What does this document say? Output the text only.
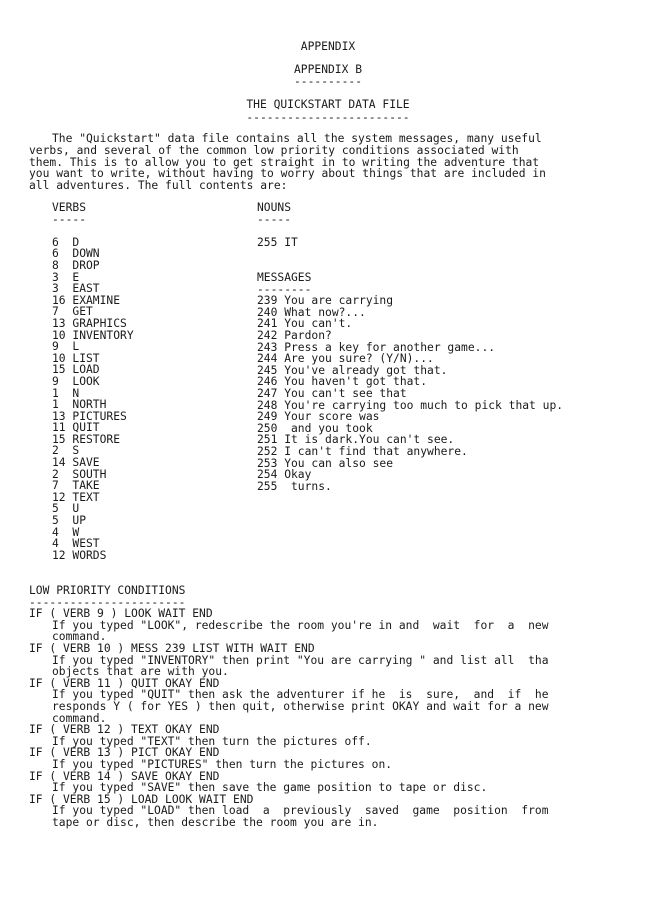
APPENDIX
APPENDIX B
----------
THE QUICKSTART DATA FILE
------------------------
The "Quickstart" data file contains all the system messages, many useful
verbs, and several of the common low priority conditions associated with
them. This is to allow you to get straight in to writing the adventure that
you want to write, without having to worry about things that are included in
all adventures. The full contents are:
VERBS
-----
6  D
6  DOWN
8  DROP
3  E
3  EAST
16 EXAMINE
7  GET
13 GRAPHICS
10 INVENTORY
9  L
10 LIST
15 LOAD
9  LOOK
1  N
1  NORTH
13 PICTURES
11 QUIT
15 RESTORE
2  S
14 SAVE
2  SOUTH
7  TAKE
12 TEXT
5  U
5  UP
4  W
4  WEST
12 WORDS
NOUNS
-----
255 IT
MESSAGES
--------
239 You are carrying
240 What now?...
241 You can't.
242 Pardon?
243 Press a key for another game...
244 Are you sure? (Y/N)...
245 You've already got that.
246 You haven't got that.
247 You can't see that
248 You're carrying too much to pick that up.
249 Your score was
250  and you took
251 It is dark.You can't see.
252 I can't find that anywhere.
253 You can also see
254 Okay
255  turns.
LOW PRIORITY CONDITIONS
-----------------------
IF ( VERB 9 ) LOOK WAIT END
If you typed "LOOK", redescribe the room you're in and  wait  for  a  new
command.
IF ( VERB 10 ) MESS 239 LIST WITH WAIT END
If you typed "INVENTORY" then print "You are carrying " and list all  tha
objects that are with you.
IF ( VERB 11 ) QUIT OKAY END
If you typed "QUIT" then ask the adventurer if he  is  sure,  and  if  he
responds Y ( for YES ) then quit, otherwise print OKAY and wait for a new
command.
IF ( VERB 12 ) TEXT OKAY END
If you typed "TEXT" then turn the pictures off.
IF ( VERB 13 ) PICT OKAY END
If you typed "PICTURES" then turn the pictures on.
IF ( VERB 14 ) SAVE OKAY END
If you typed "SAVE" then save the game position to tape or disc.
IF ( VERB 15 ) LOAD LOOK WAIT END
If you typed "LOAD" then load  a  previously  saved  game  position  from
tape or disc, then describe the room you are in.
